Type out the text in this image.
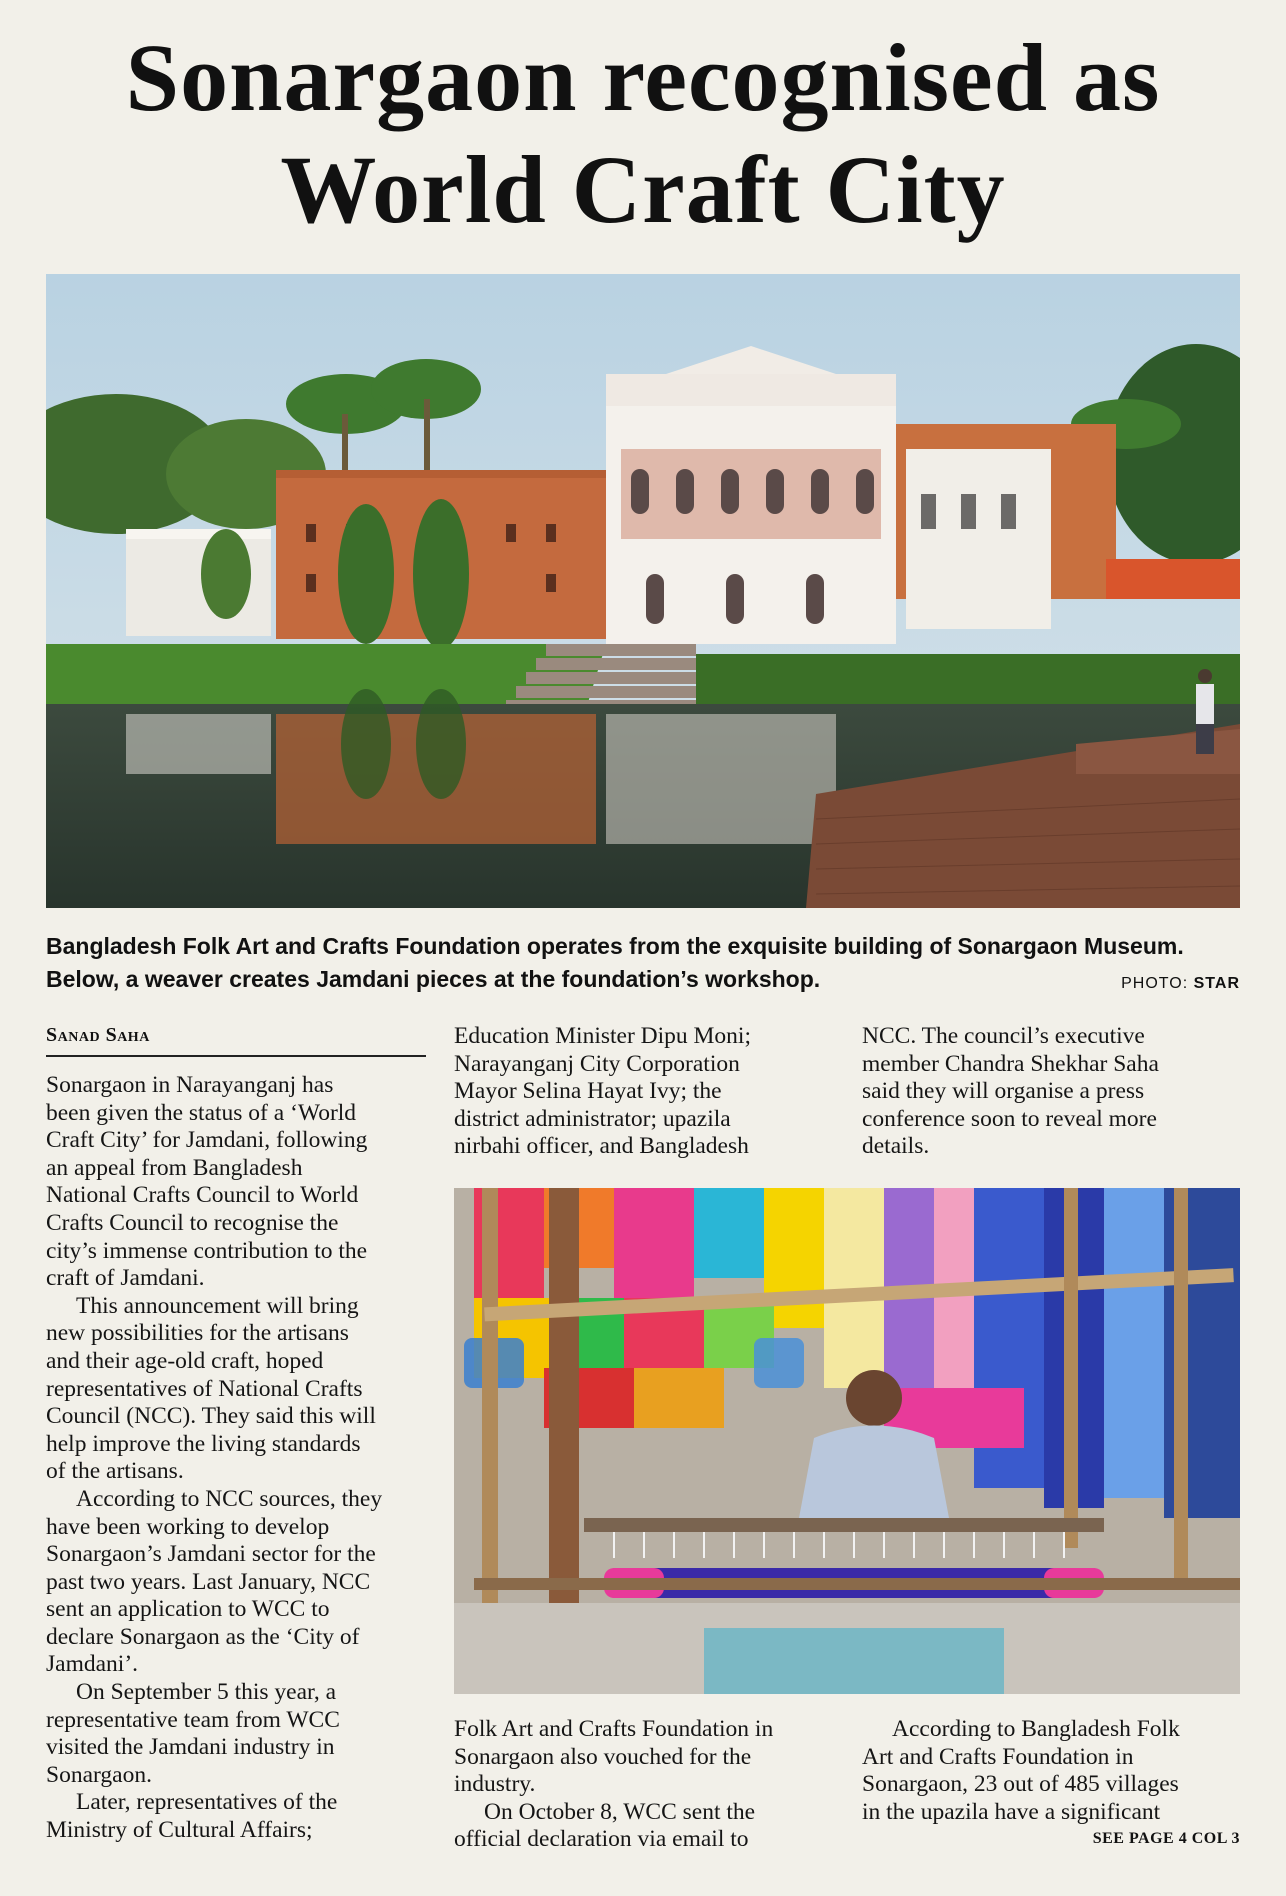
Sonargaon recognised as
World Craft City
Bangladesh Folk Art and Crafts Foundation operates from the exquisite building of Sonargaon Museum.
Below, a weaver creates Jamdani pieces at the foundation’s workshop.	PHOTO: STAR
Sanad Saha

Sonargaon in Narayanganj has

been given the status of a ‘World

Craft City’ for Jamdani, following

an appeal from Bangladesh

National Crafts Council to World

Crafts Council to recognise the

city’s immense contribution to the

craft of Jamdani.

This announcement will bring

new possibilities for the artisans

and their age-old craft, hoped

representatives of National Crafts

Council (NCC). They said this will

help improve the living standards

of the artisans.

According to NCC sources, they

have been working to develop

Sonargaon’s Jamdani sector for the

past two years. Last January, NCC

sent an application to WCC to

declare Sonargaon as the ‘City of

Jamdani’.

On September 5 this year, a

representative team from WCC

visited the Jamdani industry in

Sonargaon.

Later, representatives of the

Ministry of Cultural Affairs;

Education Minister Dipu Moni;

Narayanganj City Corporation

Mayor Selina Hayat Ivy; the

district administrator; upazila

nirbahi officer, and Bangladesh

NCC. The council’s executive

member Chandra Shekhar Saha

said they will organise a press

conference soon to reveal more

details.

Folk Art and Crafts Foundation in

Sonargaon also vouched for the

industry.

On October 8, WCC sent the

official declaration via email to

According to Bangladesh Folk

Art and Crafts Foundation in

Sonargaon, 23 out of 485 villages

in the upazila have a significant

SEE PAGE 4 COL 3
